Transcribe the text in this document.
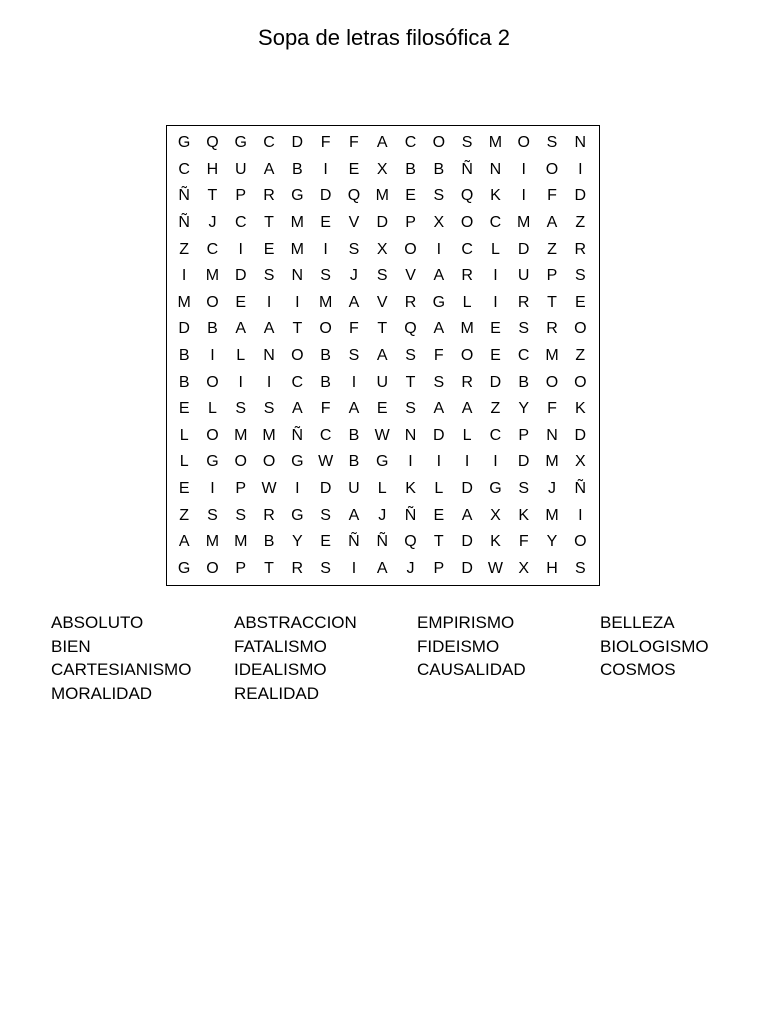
Sopa de letras filosófica 2
G Q G	C	D	F	F	A	C	O	S	M O	S	N
C	H	U	A	B	I	E	X	B	B	Ñ	N	I	O	I
Ñ	T	P	R	G	D	Q M	E	S	Q	K	I	F	D
Ñ	J	C	T	M	E	V	D	P	X	O	C M	A	Z
Z	C	I	E	M	I	S	X	O	I	C	L	D	Z	R
I	M D	S	N	S	J	S	V	A	R	I	U	P	S
M O	E	I	I	M	A	V	R	G	L	I	R	T	E
D	B	A	A	T	O	F	T	Q	A	M	E	S	R	O
B	I	L	N	O	B	S	A	S	F	O	E	C M	Z
B	O	I	I	C	B	I	U	T	S	R	D	B	O O
E	L	S	S	A	F	A	E	S	A	A	Z	Y	F	K
L	O M M Ñ	C	B W N	D	L	C	P	N	D
L	G O O G W B	G	I	I	I	I	D M	X
E	I	P W	I	D	U	L	K	L	D	G	S	J	Ñ
Z	S	S	R	G	S	A	J	Ñ	E	A	X	K	M	I
A	M M	B	Y	E	Ñ	Ñ	Q	T	D	K	F	Y	O
G O	P	T	R	S	I	A	J	P	D W X	H	S
ABSOLUTO	ABSTRACCION	EMPIRISMO	BELLEZA
BIEN	FATALISMO	FIDEISMO	BIOLOGISMO
CARTESIANISMO	IDEALISMO	CAUSALIDAD	COSMOS
MORALIDAD	REALIDAD
